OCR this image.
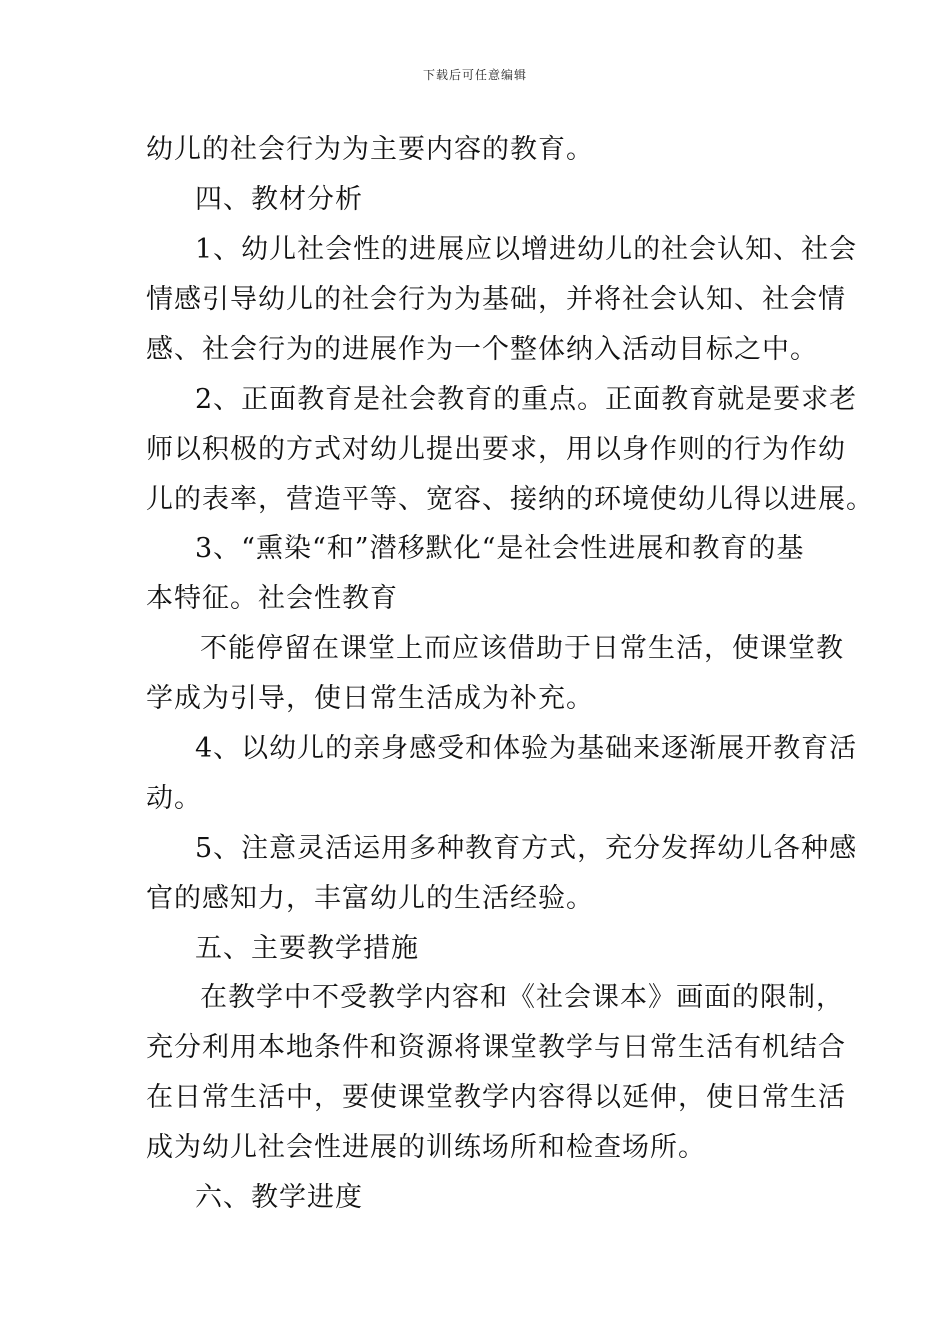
下载后可任意编辑
幼儿的社会行为为主要内容的教育。
四、教材分析
1、幼儿社会性的进展应以增进幼儿的社会认知、社会
情感引导幼儿的社会行为为基础，并将社会认知、社会情
感、社会行为的进展作为一个整体纳入活动目标之中。
2、正面教育是社会教育的重点。正面教育就是要求老
师以积极的方式对幼儿提出要求，用以身作则的行为作幼
儿的表率，营造平等、宽容、接纳的环境使幼儿得以进展。
3、“熏染“和”潜移默化“是社会性进展和教育的基
本特征。社会性教育
不能停留在课堂上而应该借助于日常生活，使课堂教
学成为引导，使日常生活成为补充。
4、以幼儿的亲身感受和体验为基础来逐渐展开教育活
动。
5、注意灵活运用多种教育方式，充分发挥幼儿各种感
官的感知力，丰富幼儿的生活经验。
五、主要教学措施
在教学中不受教学内容和《社会课本》画面的限制，
充分利用本地条件和资源将课堂教学与日常生活有机结合
在日常生活中，要使课堂教学内容得以延伸，使日常生活
成为幼儿社会性进展的训练场所和检查场所。
六、教学进度
